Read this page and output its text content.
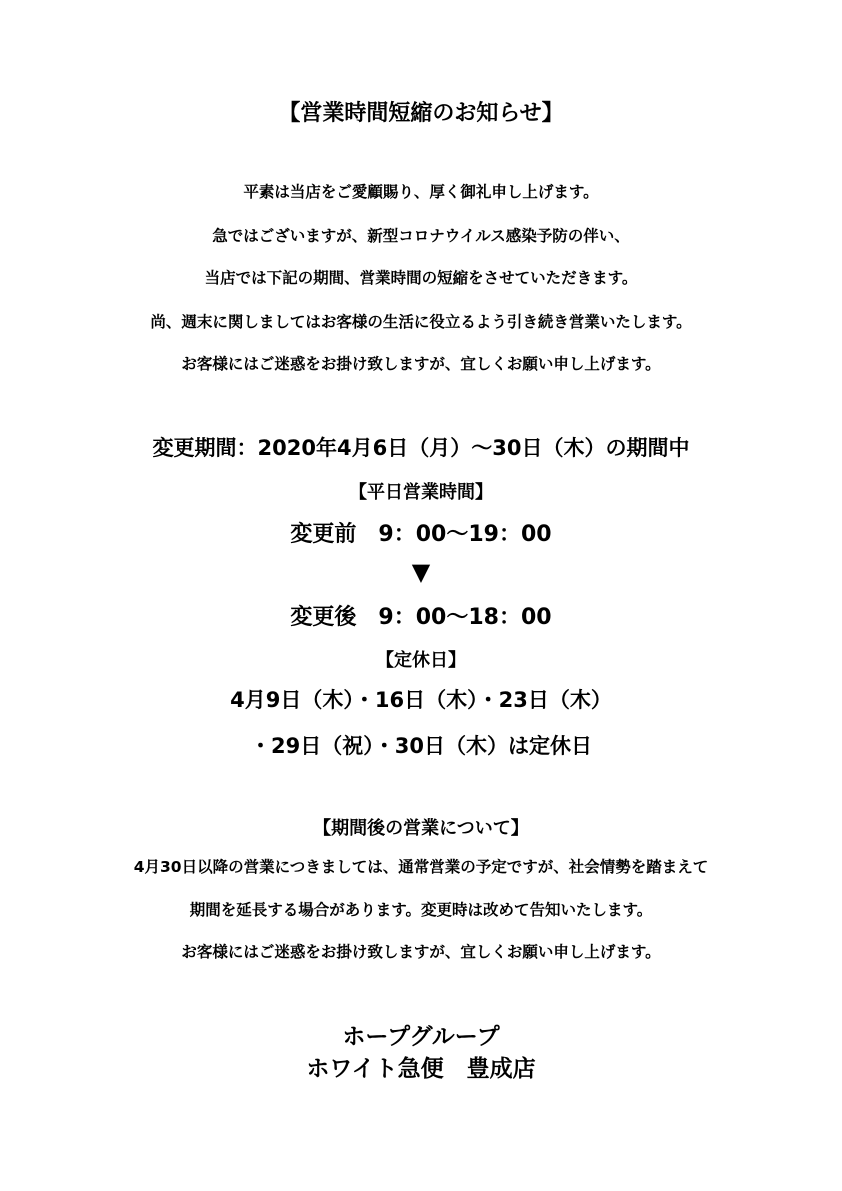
【営業時間短縮のお知らせ】
平素は当店をご愛顧賜り、厚く御礼申し上げます。
急ではございますが、新型コロナウイルス感染予防の伴い、
当店では下記の期間、営業時間の短縮をさせていただきます。
尚、週末に関しましてはお客様の生活に役立るよう引き続き営業いたします。
お客様にはご迷惑をお掛け致しますが、宜しくお願い申し上げます。
変更期間：2020年4月6日（月）～30日（木）の期間中
【平日営業時間】
変更前　9：00～19：00
▼
変更後　9：00～18：00
【定休日】
4月9日（木）・16日（木）・23日（木）
・29日（祝）・30日（木）は定休日
【期間後の営業について】
4月30日以降の営業につきましては、通常営業の予定ですが、社会情勢を踏まえて
期間を延長する場合があります。変更時は改めて告知いたします。
お客様にはご迷惑をお掛け致しますが、宜しくお願い申し上げます。
ホープグループ
ホワイト急便　豊成店
